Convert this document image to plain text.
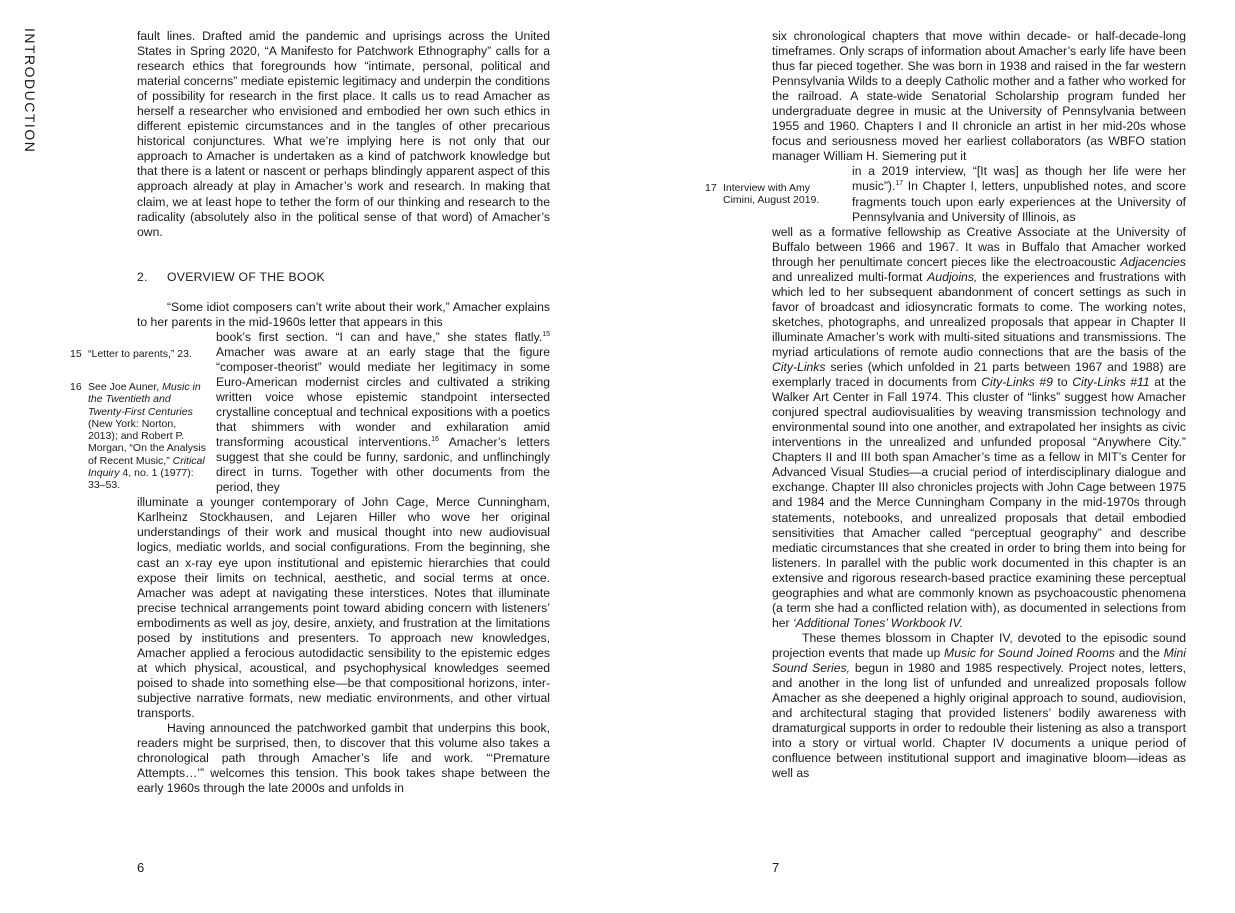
INTRODUCTION	fault lines. Drafted amid the pandemic and uprisings across the United States in Spring 2020, “A Manifesto for Patchwork Ethnography” calls for a research ethics that foregrounds how “intimate, personal, political and material concerns” mediate epistemic legitimacy and underpin the conditions of possibility for research in the first place. It calls us to read Amacher as herself a researcher who envisioned and embodied her own such ethics in different epistemic circumstances and in the tangles of other precarious historical conjunctures. What we’re implying here is not only that our approach to Amacher is undertaken as a kind of patchwork knowledge but that there is a latent or nascent or perhaps blindingly apparent aspect of this approach already at play in Amacher’s work and research. In making that claim, we at least hope to tether the form of our thinking and research to the radicality (absolutely also in the political sense of that word) of Amacher’s own.

2. OVERVIEW OF THE BOOK

“Some idiot composers can’t write about their work,” Amacher explains to her parents in the mid-1960s letter that appears in this

book’s first section. “I can and have,” she states flatly.$^{15}$ Amacher was aware at an early stage that the figure “composer-theorist” would mediate her legitimacy in some Euro-American modernist circles and cultivated a striking written voice whose epistemic standpoint intersected crystalline conceptual and technical expositions with a poetics that shimmers with wonder and exhilaration amid transforming acoustical interventions.$^{16}$ Amacher’s letters suggest that she could be funny, sardonic, and unflinchingly direct in turns. Together with other documents from the period, they

illuminate a younger contemporary of John Cage, Merce Cunningham, Karlheinz Stockhausen, and Lejaren Hiller who wove her original understandings of their work and musical thought into new audiovisual logics, mediatic worlds, and social configurations. From the beginning, she cast an x-ray eye upon institutional and epistemic hierarchies that could expose their limits on technical, aesthetic, and social terms at once. Amacher was adept at navigating these interstices. Notes that illuminate precise technical arrangements point toward abiding concern with listeners’ embodiments as well as joy, desire, anxiety, and frustration at the limitations posed by institutions and presenters. To approach new knowledges, Amacher applied a ferocious autodidactic sensibility to the epistemic edges at which physical, acoustical, and psychophysical knowledges seemed poised to shade into something else—be that compositional horizons, intersubjective narrative formats, new mediatic environments, and other virtual transports.

Having announced the patchworked gambit that underpins this book, readers might be surprised, then, to discover that this volume also takes a chronological path through Amacher’s life and work. “‘Premature Attempts…’” welcomes this tension. This book takes shape between the early 1960s through the late 2000s and unfolds in

15 “Letter to parents,” 23.
16 See Joe Auner, Music in the Twentieth and Twenty-First Centuries (New York: Norton, 2013); and Robert P. Morgan, “On the Analysis of Recent Music,” Critical Inquiry 4, no. 1 (1977): 33–53.
6

six chronological chapters that move within decade- or half-decade-long timeframes. Only scraps of information about Amacher’s early life have been thus far pieced together. She was born in 1938 and raised in the far western Pennsylvania Wilds to a deeply Catholic mother and a father who worked for the railroad. A state-wide Senatorial Scholarship program funded her undergraduate degree in music at the University of Pennsylvania between 1955 and 1960. Chapters I and II chronicle an artist in her mid-20s whose focus and seriousness moved her earliest collaborators (as WBFO station manager William H. Siemering put it

in a 2019 interview, “[It was] as though her life were her music”).$^{17}$ In Chapter I, letters, unpublished notes, and score fragments touch upon early experiences at the University of Pennsylvania and University of Illinois, as

well as a formative fellowship as Creative Associate at the University of Buffalo between 1966 and 1967. It was in Buffalo that Amacher worked through her penultimate concert pieces like the electroacoustic Adjacencies and unrealized multi-format Audjoins, the experiences and frustrations with which led to her subsequent abandonment of concert settings as such in favor of broadcast and idiosyncratic formats to come. The working notes, sketches, photographs, and unrealized proposals that appear in Chapter II illuminate Amacher’s work with multi-sited situations and transmissions. The myriad articulations of remote audio connections that are the basis of the City-Links series (which unfolded in 21 parts between 1967 and 1988) are exemplarly traced in documents from City-Links #9 to City-Links #11 at the Walker Art Center in Fall 1974. This cluster of “links” suggest how Amacher conjured spectral audiovisualities by weaving transmission technology and environmental sound into one another, and extrapolated her insights as civic interventions in the unrealized and unfunded proposal “Anywhere City.” Chapters II and III both span Amacher’s time as a fellow in MIT’s Center for Advanced Visual Studies—a crucial period of interdisciplinary dialogue and exchange. Chapter III also chronicles projects with John Cage between 1975 and 1984 and the Merce Cunningham Company in the mid-1970s through statements, notebooks, and unrealized proposals that detail embodied sensitivities that Amacher called “perceptual geography” and describe mediatic circumstances that she created in order to bring them into being for listeners. In parallel with the public work documented in this chapter is an extensive and rigorous research-based practice examining these perceptual geographies and what are commonly known as psychoacoustic phenomena (a term she had a conflicted relation with), as documented in selections from her ‘Additional Tones’ Workbook IV.

These themes blossom in Chapter IV, devoted to the episodic sound projection events that made up Music for Sound Joined Rooms and the Mini Sound Series, begun in 1980 and 1985 respectively. Project notes, letters, and another in the long list of unfunded and unrealized proposals follow Amacher as she deepened a highly original approach to sound, audiovision, and architectural staging that provided listeners’ bodily awareness with dramaturgical supports in order to redouble their listening as also a transport into a story or virtual world. Chapter IV documents a unique period of confluence between institutional support and imaginative bloom—ideas as well as

17 Interview with Amy Cimini, August 2019.
7
